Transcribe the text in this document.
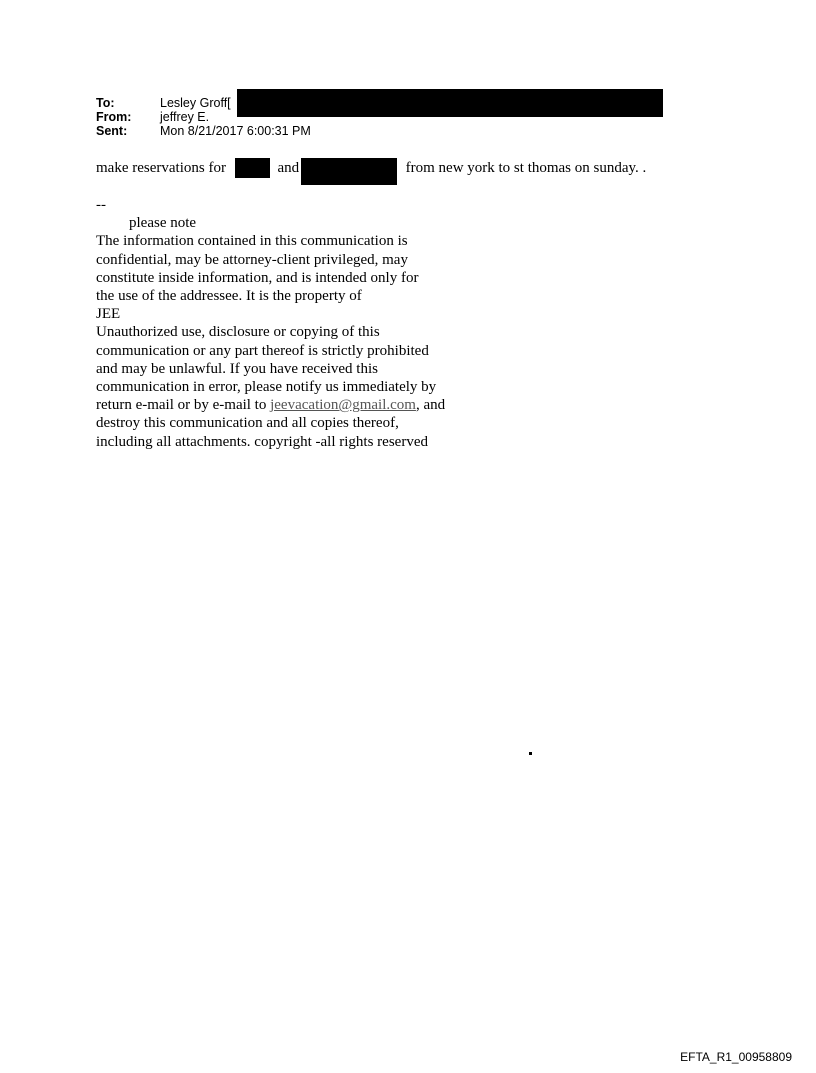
To:	Lesley Groff[
From: jeffrey E.
Sent:	Mon 8/21/2017 6:00:31 PM
make reservations for	and	from new york to st thomas on sunday. .
--
please note
The information contained in this communication is
confidential, may be attorney-client privileged, may
constitute inside information, and is intended only for
the use of the addressee. It is the property of
JEE
Unauthorized use, disclosure or copying of this
communication or any part thereof is strictly prohibited
and may be unlawful. If you have received this
communication in error, please notify us immediately by
return e-mail or by e-mail to jeevacation@gmail.com, and
destroy this communication and all copies thereof,
including all attachments. copyright -all rights reserved
EFTA_R1_00958809
